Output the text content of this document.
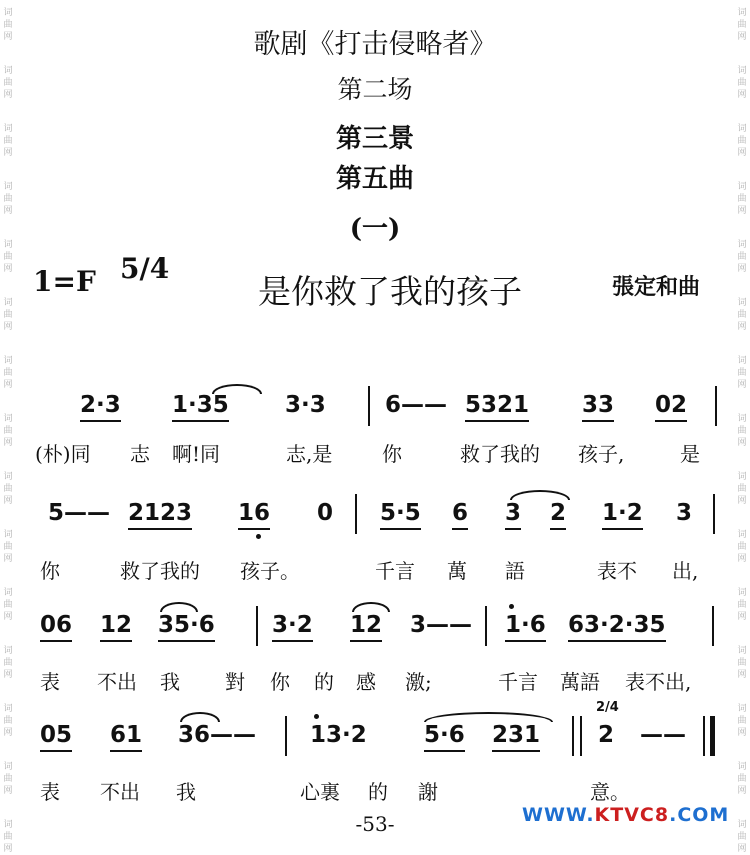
词
曲
网
词
曲
网
词
曲
网
词
曲
网
词
曲
网
词
曲
网
词
曲
网
词
曲
网
词
曲
网
词
曲
网
词
曲
网
词
曲
网
词
曲
网
词
曲
网
词
曲
网
词
曲
网
词
曲
网
词
曲
网
词
曲
网
词
曲
网
词
曲
网
词
曲
网
词
曲
网
词
曲
网
词
曲
网
词
曲
网
词
曲
网
词
曲
网
词
曲
网
词
曲
网
歌剧《打击侵略者》
第二场
第三景
第五曲
(一)
1=F 5/4
是你救了我的孩子	張定和曲
2·3 1·35 3·3	6—— 5321 33 02
(朴)同 志 啊!同	志,是 你	救了我的 孩子,	是
5—— 2123 16 0 5·5 6 3 2 1·2 3
你	救了我的 孩子。	千言 萬 語	表不 出,
06 12 35·6 3·2 12 3—— 1·6 63·2·35
表 不出 我 對 你 的 感 激;	千言 萬語 表不出,
05 61 36—— 13·2 5·6 231
2/4
2 ——
表 不出 我	心裏 的 謝	意。
-53-	WWW.KTVC8.COM
